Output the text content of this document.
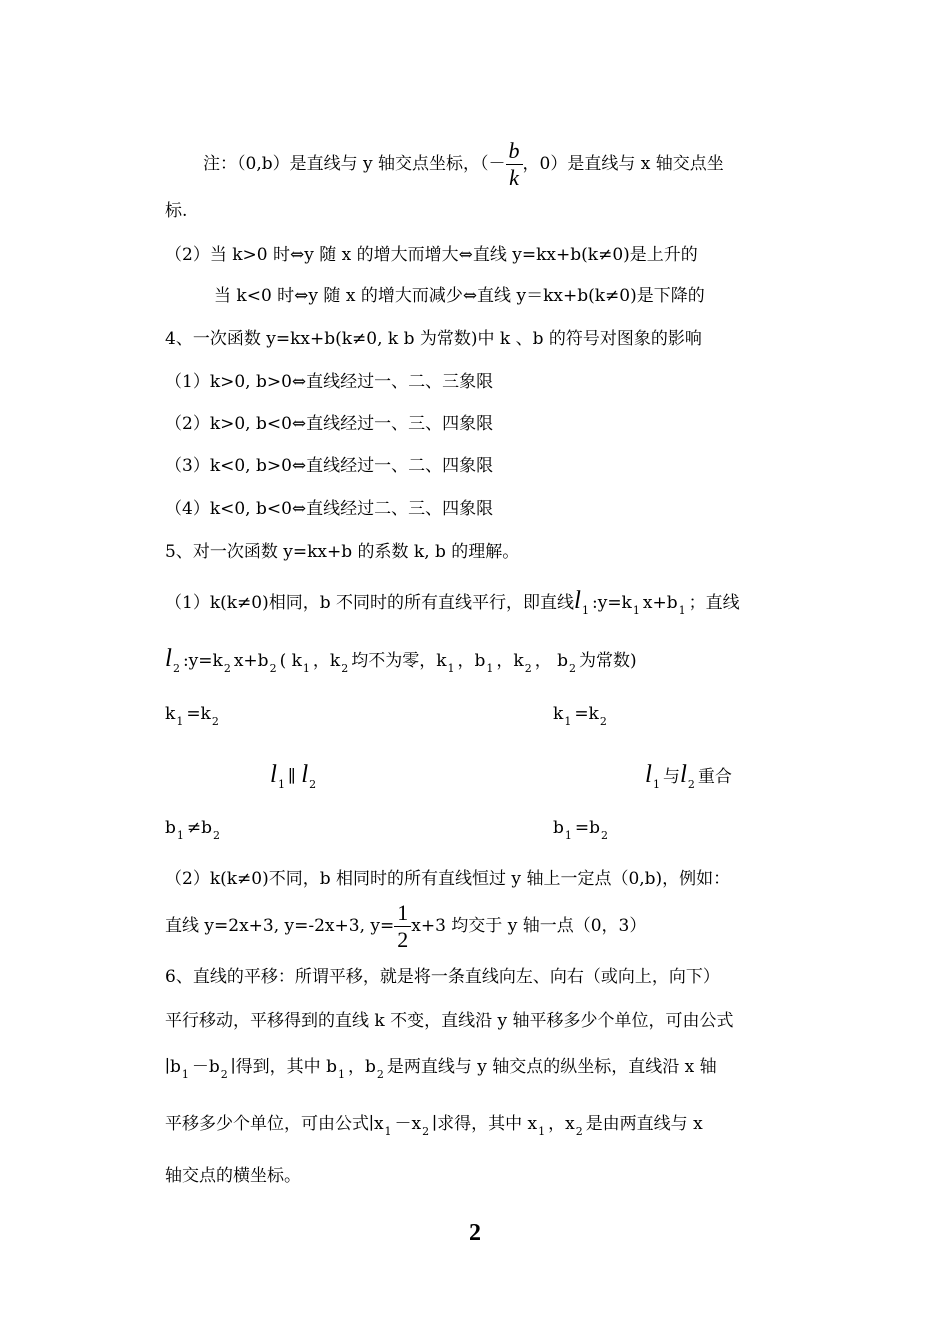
注：（0,b）是直线与 y 轴交点坐标，（－ $\frac{b}{k}$ ，0）是直线与 x 轴交点坐
标.
（2）当 k>0 时⇔y 随 x 的增大而增大⇔直线 y=kx+b(k≠0)是上升的
当 k<0 时⇔y 随 x 的增大而减少⇔直线 y＝kx+b(k≠0)是下降的
4、一次函数 y=kx+b(k≠0, k b 为常数)中 k 、b 的符号对图象的影响
（1）k>0, b>0⇔直线经过一、二、三象限
（2）k>0, b<0⇔直线经过一、三、四象限
（3）k<0, b>0⇔直线经过一、二、四象限
（4）k<0, b<0⇔直线经过二、三、四象限
5、对一次函数 y=kx+b 的系数 k, b 的理解。
（1）k(k≠0)相同，b 不同时的所有直线平行，即直线$l_1$ $:y=k_1$ $x+b_1$ ；直线
$l_2$ $:y=k_2$ $x+b_2$ ( $k_1$ ，$k_2$ 均不为零，$k_1$ ，$b_1$ ，$k_2$ ， $b_2$ 为常数)
$k_1 =k_2$
$l_1$ ∥ $l_2$
$b_1 \ne b_2$
$k_1 =k_2$
$l_1$ 与$l_2$ 重合
$b_1 =b_2$
（2）k(k≠0)不同，b 相同时的所有直线恒过 y 轴上一定点（0,b)，例如：
直线 y=2x+3, y=-2x+3, $y= \frac{1}{2} x+3$ 均交于 y 轴一点（0，3）
6、直线的平移：所谓平移，就是将一条直线向左、向右（或向上，向下）
平行移动，平移得到的直线 k 不变，直线沿 y 轴平移多少个单位，可由公式
$∣b_1 -b_2$ ∣得到，其中 $b_1$ ，$b_2$ 是两直线与 y 轴交点的纵坐标，直线沿 x 轴
平移多少个单位，可由公式$∣x_1 -x_2$ ∣求得，其中 $x_1$ ，$x_2$ 是由两直线与 x
轴交点的横坐标。
2
